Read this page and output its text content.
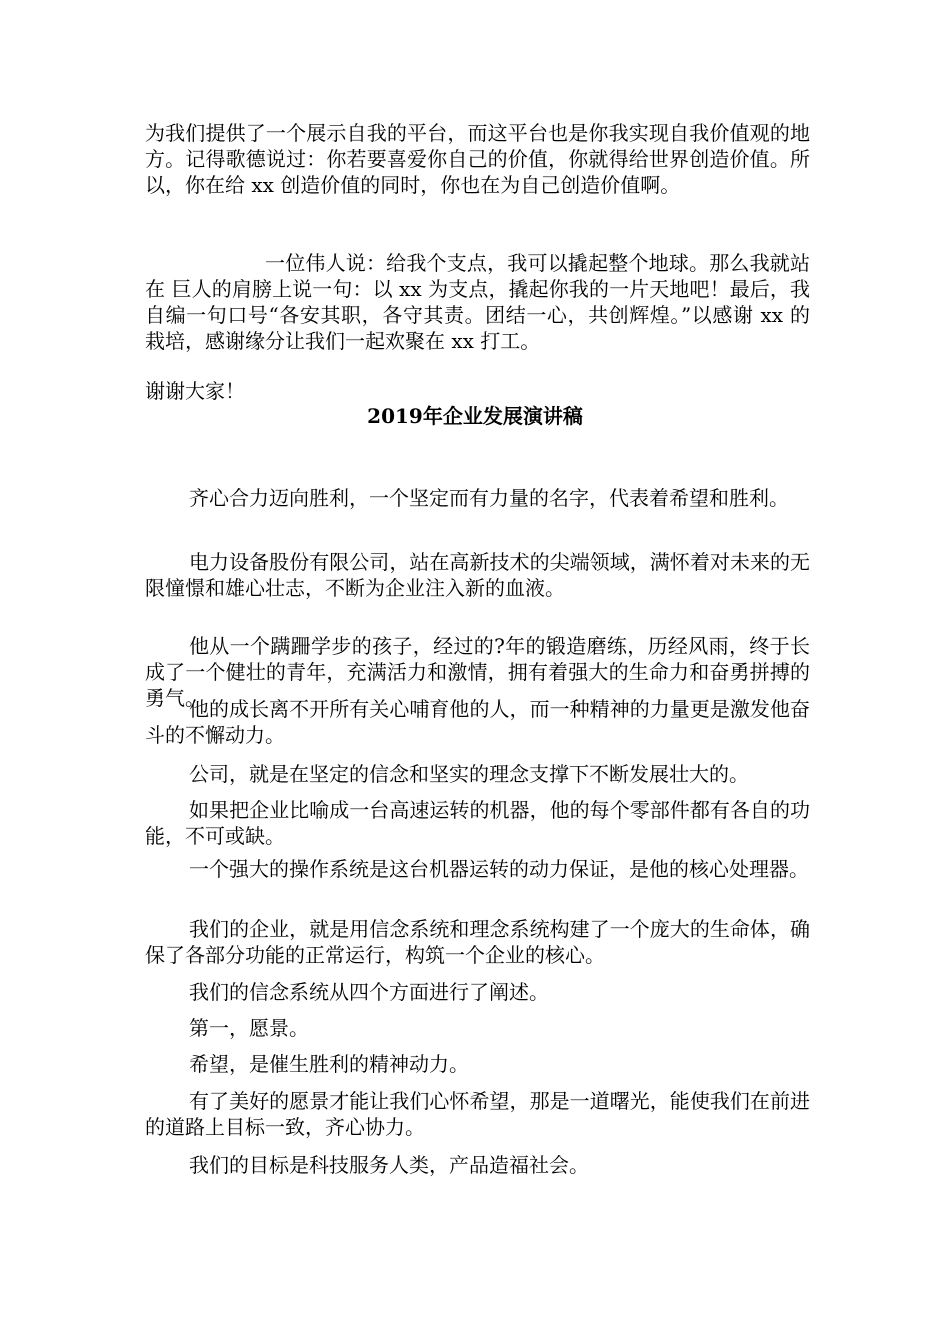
为我们提供了一个展示自我的平台，而这平台也是你我实现自我价值观的地方。记得歌德说过：你若要喜爱你自己的价值，你就得给世界创造价值。所以，你在给 xx 创造价值的同时，你也在为自己创造价值啊。

一位伟人说：给我个支点，我可以撬起整个地球。那么我就站在 巨人的肩膀上说一句：以 xx 为支点，撬起你我的一片天地吧！最后，我自编一句口号“各安其职，各守其责。团结一心，共创辉煌。”以感谢 xx 的栽培，感谢缘分让我们一起欢聚在 xx 打工。

谢谢大家！

2019年企业发展演讲稿

齐心合力迈向胜利，一个坚定而有力量的名字，代表着希望和胜利。

电力设备股份有限公司，站在高新技术的尖端领域，满怀着对未来的无限憧憬和雄心壮志，不断为企业注入新的血液。

他从一个蹒跚学步的孩子，经过的?年的锻造磨练，历经风雨，终于长成了一个健壮的青年，充满活力和激情，拥有着强大的生命力和奋勇拼搏的勇气。

他的成长离不开所有关心哺育他的人，而一种精神的力量更是激发他奋斗的不懈动力。

公司，就是在坚定的信念和坚实的理念支撑下不断发展壮大的。

如果把企业比喻成一台高速运转的机器，他的每个零部件都有各自的功能，不可或缺。

一个强大的操作系统是这台机器运转的动力保证，是他的核心处理器。

我们的企业，就是用信念系统和理念系统构建了一个庞大的生命体，确保了各部分功能的正常运行，构筑一个企业的核心。

我们的信念系统从四个方面进行了阐述。

第一，愿景。

希望，是催生胜利的精神动力。

有了美好的愿景才能让我们心怀希望，那是一道曙光，能使我们在前进的道路上目标一致，齐心协力。

我们的目标是科技服务人类，产品造福社会。
